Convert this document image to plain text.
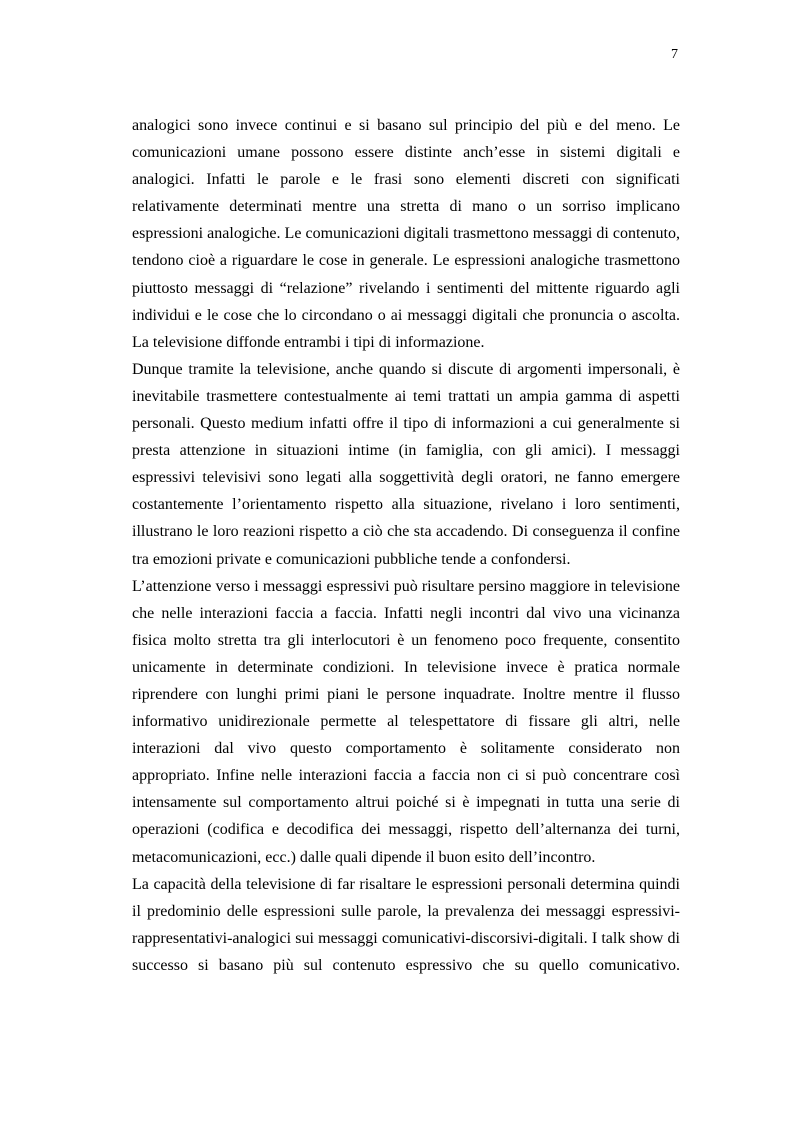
7

analogici sono invece continui e si basano sul principio del più e del meno. Le comunicazioni umane possono essere distinte anch’esse in sistemi digitali e analogici. Infatti le parole e le frasi sono elementi discreti con significati relativamente determinati mentre una stretta di mano o un sorriso implicano espressioni analogiche. Le comunicazioni digitali trasmettono messaggi di contenuto, tendono cioè a riguardare le cose in generale. Le espressioni analogiche trasmettono piuttosto messaggi di “relazione” rivelando i sentimenti del mittente riguardo agli individui e le cose che lo circondano o ai messaggi digitali che pronuncia o ascolta. La televisione diffonde entrambi i tipi di informazione.

Dunque tramite la televisione, anche quando si discute di argomenti impersonali, è inevitabile trasmettere contestualmente ai temi trattati un ampia gamma di aspetti personali. Questo medium infatti offre il tipo di informazioni a cui generalmente si presta attenzione in situazioni intime (in famiglia, con gli amici). I messaggi espressivi televisivi sono legati alla soggettività degli oratori, ne fanno emergere costantemente l’orientamento rispetto alla situazione, rivelano i loro sentimenti, illustrano le loro reazioni rispetto a ciò che sta accadendo. Di conseguenza il confine tra emozioni private e comunicazioni pubbliche tende a confondersi.

L’attenzione verso i messaggi espressivi può risultare persino maggiore in televisione che nelle interazioni faccia a faccia. Infatti negli incontri dal vivo una vicinanza fisica molto stretta tra gli interlocutori è un fenomeno poco frequente, consentito unicamente in determinate condizioni. In televisione invece è pratica normale riprendere con lunghi primi piani le persone inquadrate. Inoltre mentre il flusso informativo unidirezionale permette al telespettatore di fissare gli altri, nelle interazioni dal vivo questo comportamento è solitamente considerato non appropriato. Infine nelle interazioni faccia a faccia non ci si può concentrare così intensamente sul comportamento altrui poiché si è impegnati in tutta una serie di operazioni (codifica e decodifica dei messaggi, rispetto dell’alternanza dei turni, metacomunicazioni, ecc.) dalle quali dipende il buon esito dell’incontro.

La capacità della televisione di far risaltare le espressioni personali determina quindi il predominio delle espressioni sulle parole, la prevalenza dei messaggi espressivi-rappresentativi-analogici sui messaggi comunicativi-discorsivi-digitali. I talk show di successo si basano più sul contenuto espressivo che su quello comunicativo.
